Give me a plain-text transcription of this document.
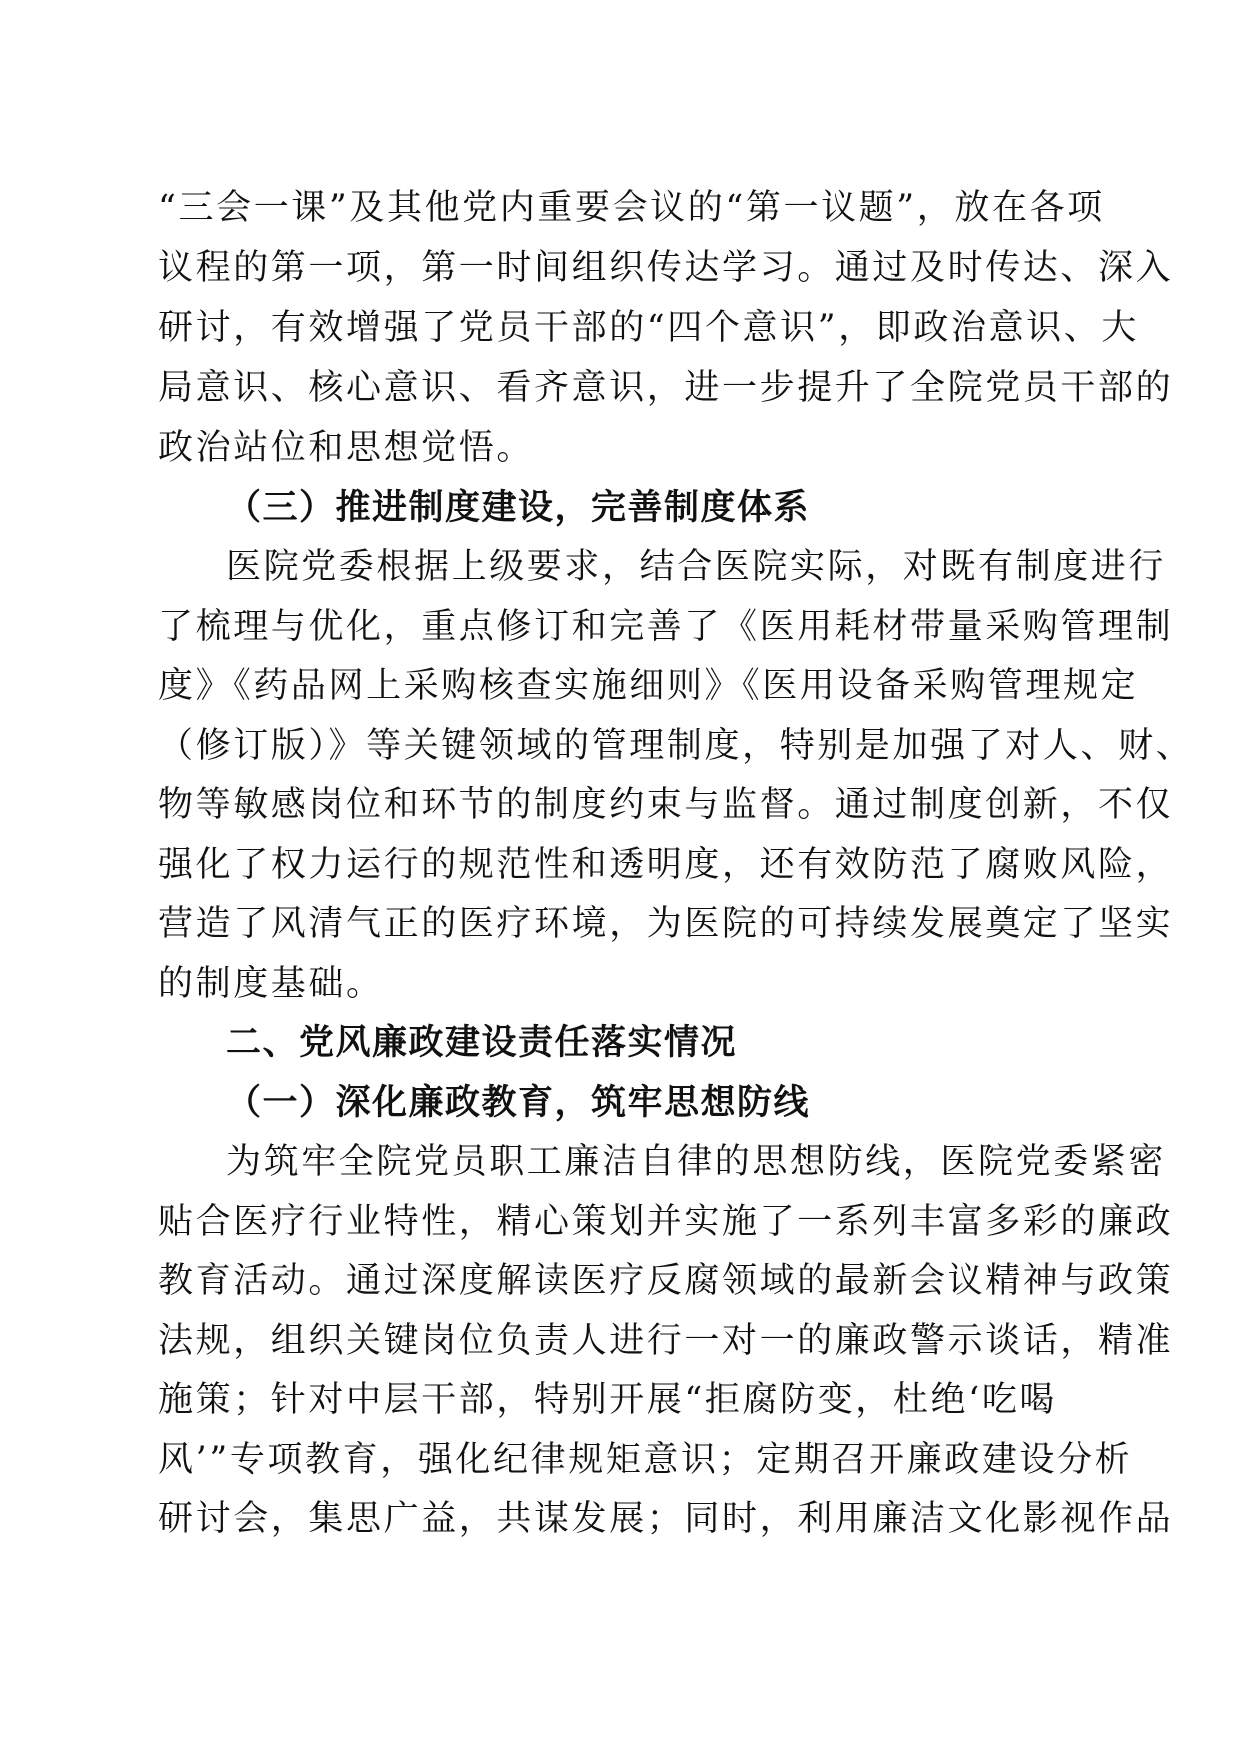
“三会一课”及其他党内重要会议的“第一议题”，放在各项
议程的第一项，第一时间组织传达学习。通过及时传达、深入
研讨，有效增强了党员干部的“四个意识”，即政治意识、大
局意识、核心意识、看齐意识，进一步提升了全院党员干部的
政治站位和思想觉悟。
（三）推进制度建设，完善制度体系
医院党委根据上级要求，结合医院实际，对既有制度进行
了梳理与优化，重点修订和完善了《医用耗材带量采购管理制
度》《药品网上采购核查实施细则》《医用设备采购管理规定
（修订版）》等关键领域的管理制度，特别是加强了对人、财、
物等敏感岗位和环节的制度约束与监督。通过制度创新，不仅
强化了权力运行的规范性和透明度，还有效防范了腐败风险，
营造了风清气正的医疗环境，为医院的可持续发展奠定了坚实
的制度基础。
二、党风廉政建设责任落实情况
（一）深化廉政教育，筑牢思想防线
为筑牢全院党员职工廉洁自律的思想防线，医院党委紧密
贴合医疗行业特性，精心策划并实施了一系列丰富多彩的廉政
教育活动。通过深度解读医疗反腐领域的最新会议精神与政策
法规，组织关键岗位负责人进行一对一的廉政警示谈话，精准
施策；针对中层干部，特别开展“拒腐防变，杜绝‘吃喝
风’”专项教育，强化纪律规矩意识；定期召开廉政建设分析
研讨会，集思广益，共谋发展；同时，利用廉洁文化影视作品
